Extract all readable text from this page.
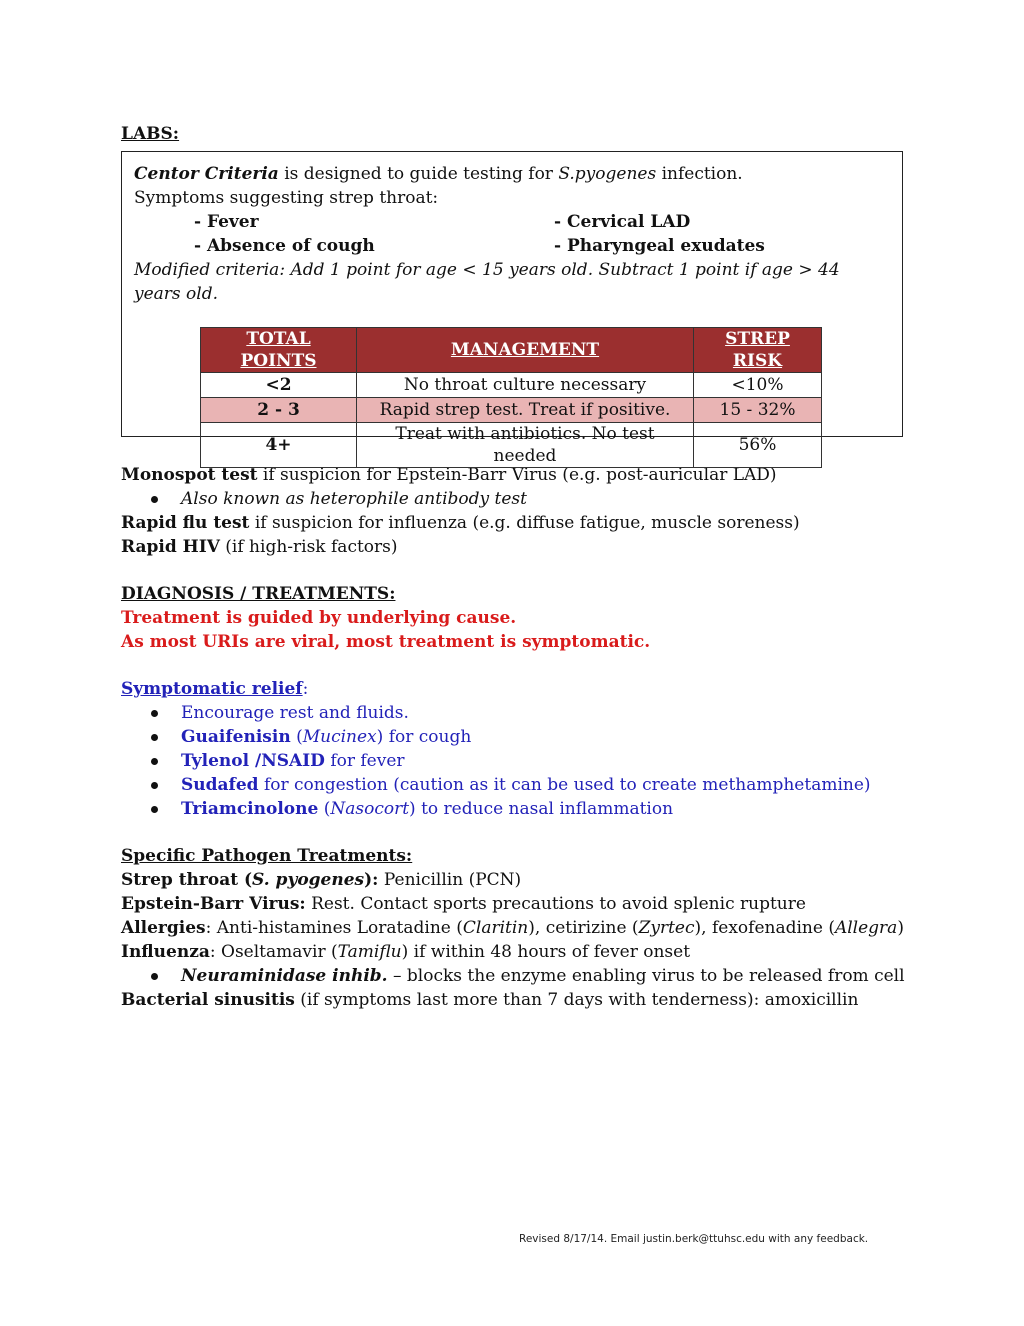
LABS:

Centor Criteria is designed to guide testing for S.pyogenes infection.

Symptoms suggesting strep throat:

- Fever	- Cervical LAD
- Absence of cough	- Pharyngeal exudates

Modified criteria: Add 1 point for age < 15 years old. Subtract 1 point if age > 44 years old.

TOTAL POINTS	MANAGEMENT	STREP RISK
<2	No throat culture necessary	<10%
2 - 3	Rapid strep test. Treat if positive.	15 - 32%
4+	Treat with antibiotics. No test needed	56%

Monospot test if suspicion for Epstein-Barr Virus (e.g. post-auricular LAD)

Also known as heterophile antibody test

Rapid flu test if suspicion for influenza (e.g. diffuse fatigue, muscle soreness)

Rapid HIV (if high-risk factors)

DIAGNOSIS / TREATMENTS:

Treatment is guided by underlying cause.

As most URIs are viral, most treatment is symptomatic.

Symptomatic relief:

Encourage rest and fluids.
Guaifenisin (Mucinex) for cough
Tylenol /NSAID for fever
Sudafed for congestion (caution as it can be used to create methamphetamine)
Triamcinolone (Nasocort) to reduce nasal inflammation

Specific Pathogen Treatments:

Strep throat (S. pyogenes): Penicillin (PCN)

Epstein-Barr Virus: Rest. Contact sports precautions to avoid splenic rupture

Allergies: Anti-histamines Loratadine (Claritin), cetirizine (Zyrtec), fexofenadine (Allegra)

Influenza: Oseltamavir (Tamiflu) if within 48 hours of fever onset

Neuraminidase inhib. – blocks the enzyme enabling virus to be released from cell

Bacterial sinusitis (if symptoms last more than 7 days with tenderness): amoxicillin

Revised 8/17/14. Email justin.berk@ttuhsc.edu with any feedback.
